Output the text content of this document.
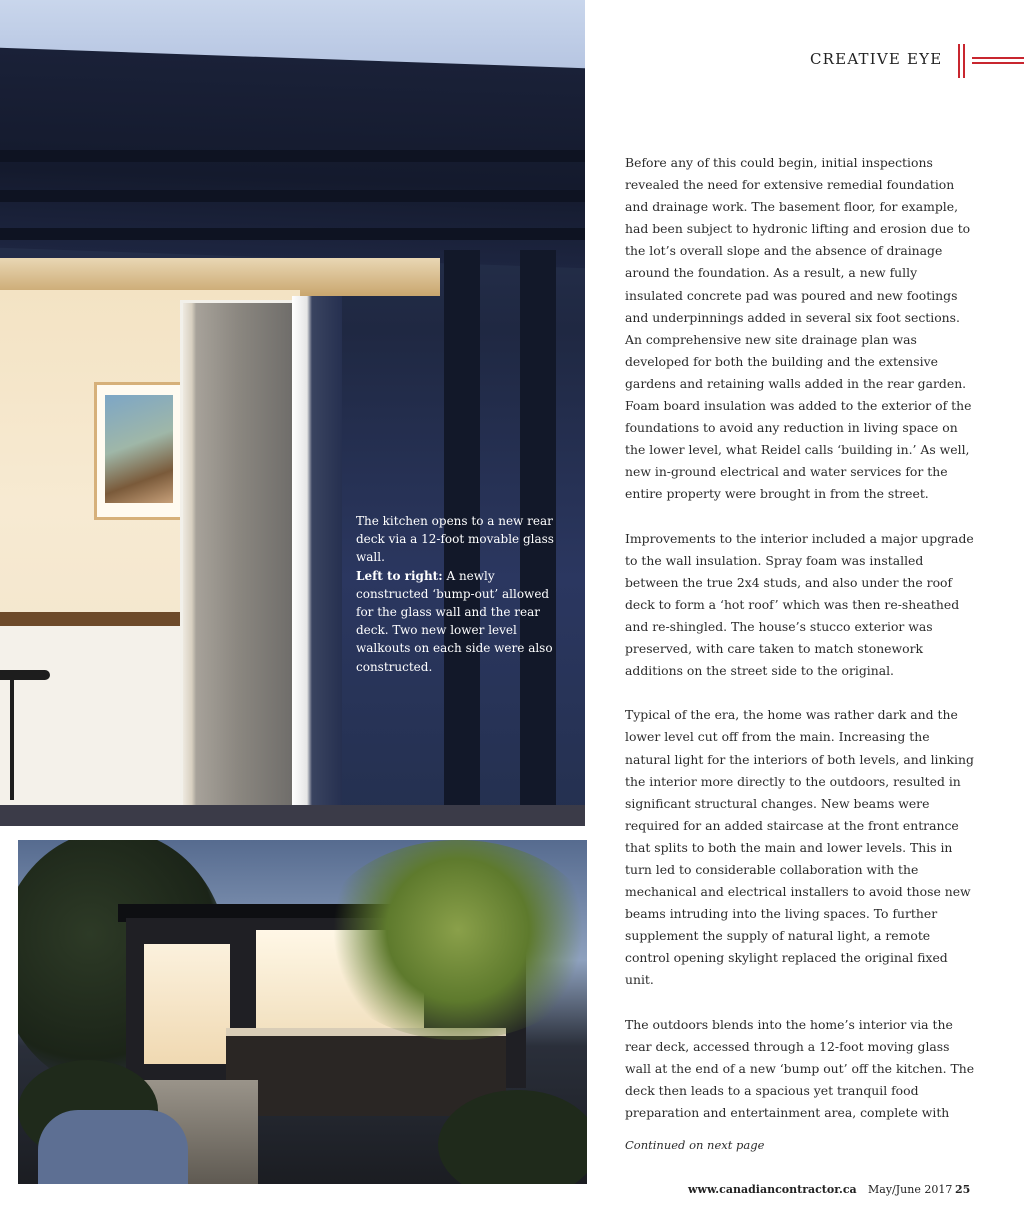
The kitchen opens to a new rear deck via a 12-foot movable glass wall.
Left to right: A newly constructed ‘bump-out’ allowed for the glass wall and the rear deck. Two new lower level walkouts on each side were also constructed.
CREATIVE EYE

Before any of this could begin, initial inspections revealed the need for extensive remedial foundation and drainage work. The basement floor, for example, had been subject to hydronic lifting and erosion due to the lot’s overall slope and the absence of drainage around the foundation. As a result, a new fully insulated concrete pad was poured and new footings and underpinnings added in several six foot sections. An comprehensive new site drainage plan was developed for both the building and the extensive gardens and retaining walls added in the rear garden. Foam board insulation was added to the exterior of the foundations to avoid any reduction in living space on the lower level, what Reidel calls ‘building in.’ As well, new in-ground electrical and water services for the entire property were brought in from the street.

Improvements to the interior included a major upgrade to the wall insulation. Spray foam was installed between the true 2x4 studs, and also under the roof deck to form a ‘hot roof’ which was then re-sheathed and re-shingled. The house’s stucco exterior was preserved, with care taken to match stonework additions on the street side to the original.

Typical of the era, the home was rather dark and the lower level cut off from the main. Increasing the natural light for the interiors of both levels, and linking the interior more directly to the outdoors, resulted in significant structural changes. New beams were required for an added staircase at the front entrance that splits to both the main and lower levels. This in turn led to considerable collaboration with the mechanical and electrical installers to avoid those new beams intruding into the living spaces. To further supplement the supply of natural light, a remote control opening skylight replaced the original fixed unit.

The outdoors blends into the home’s interior via the rear deck, accessed through a 12-foot moving glass wall at the end of a new ‘bump out’ off the kitchen. The deck then leads to a spacious yet tranquil food preparation and entertainment area, complete with

Continued on next page
www.canadiancontractor.ca May/June 2017 25
